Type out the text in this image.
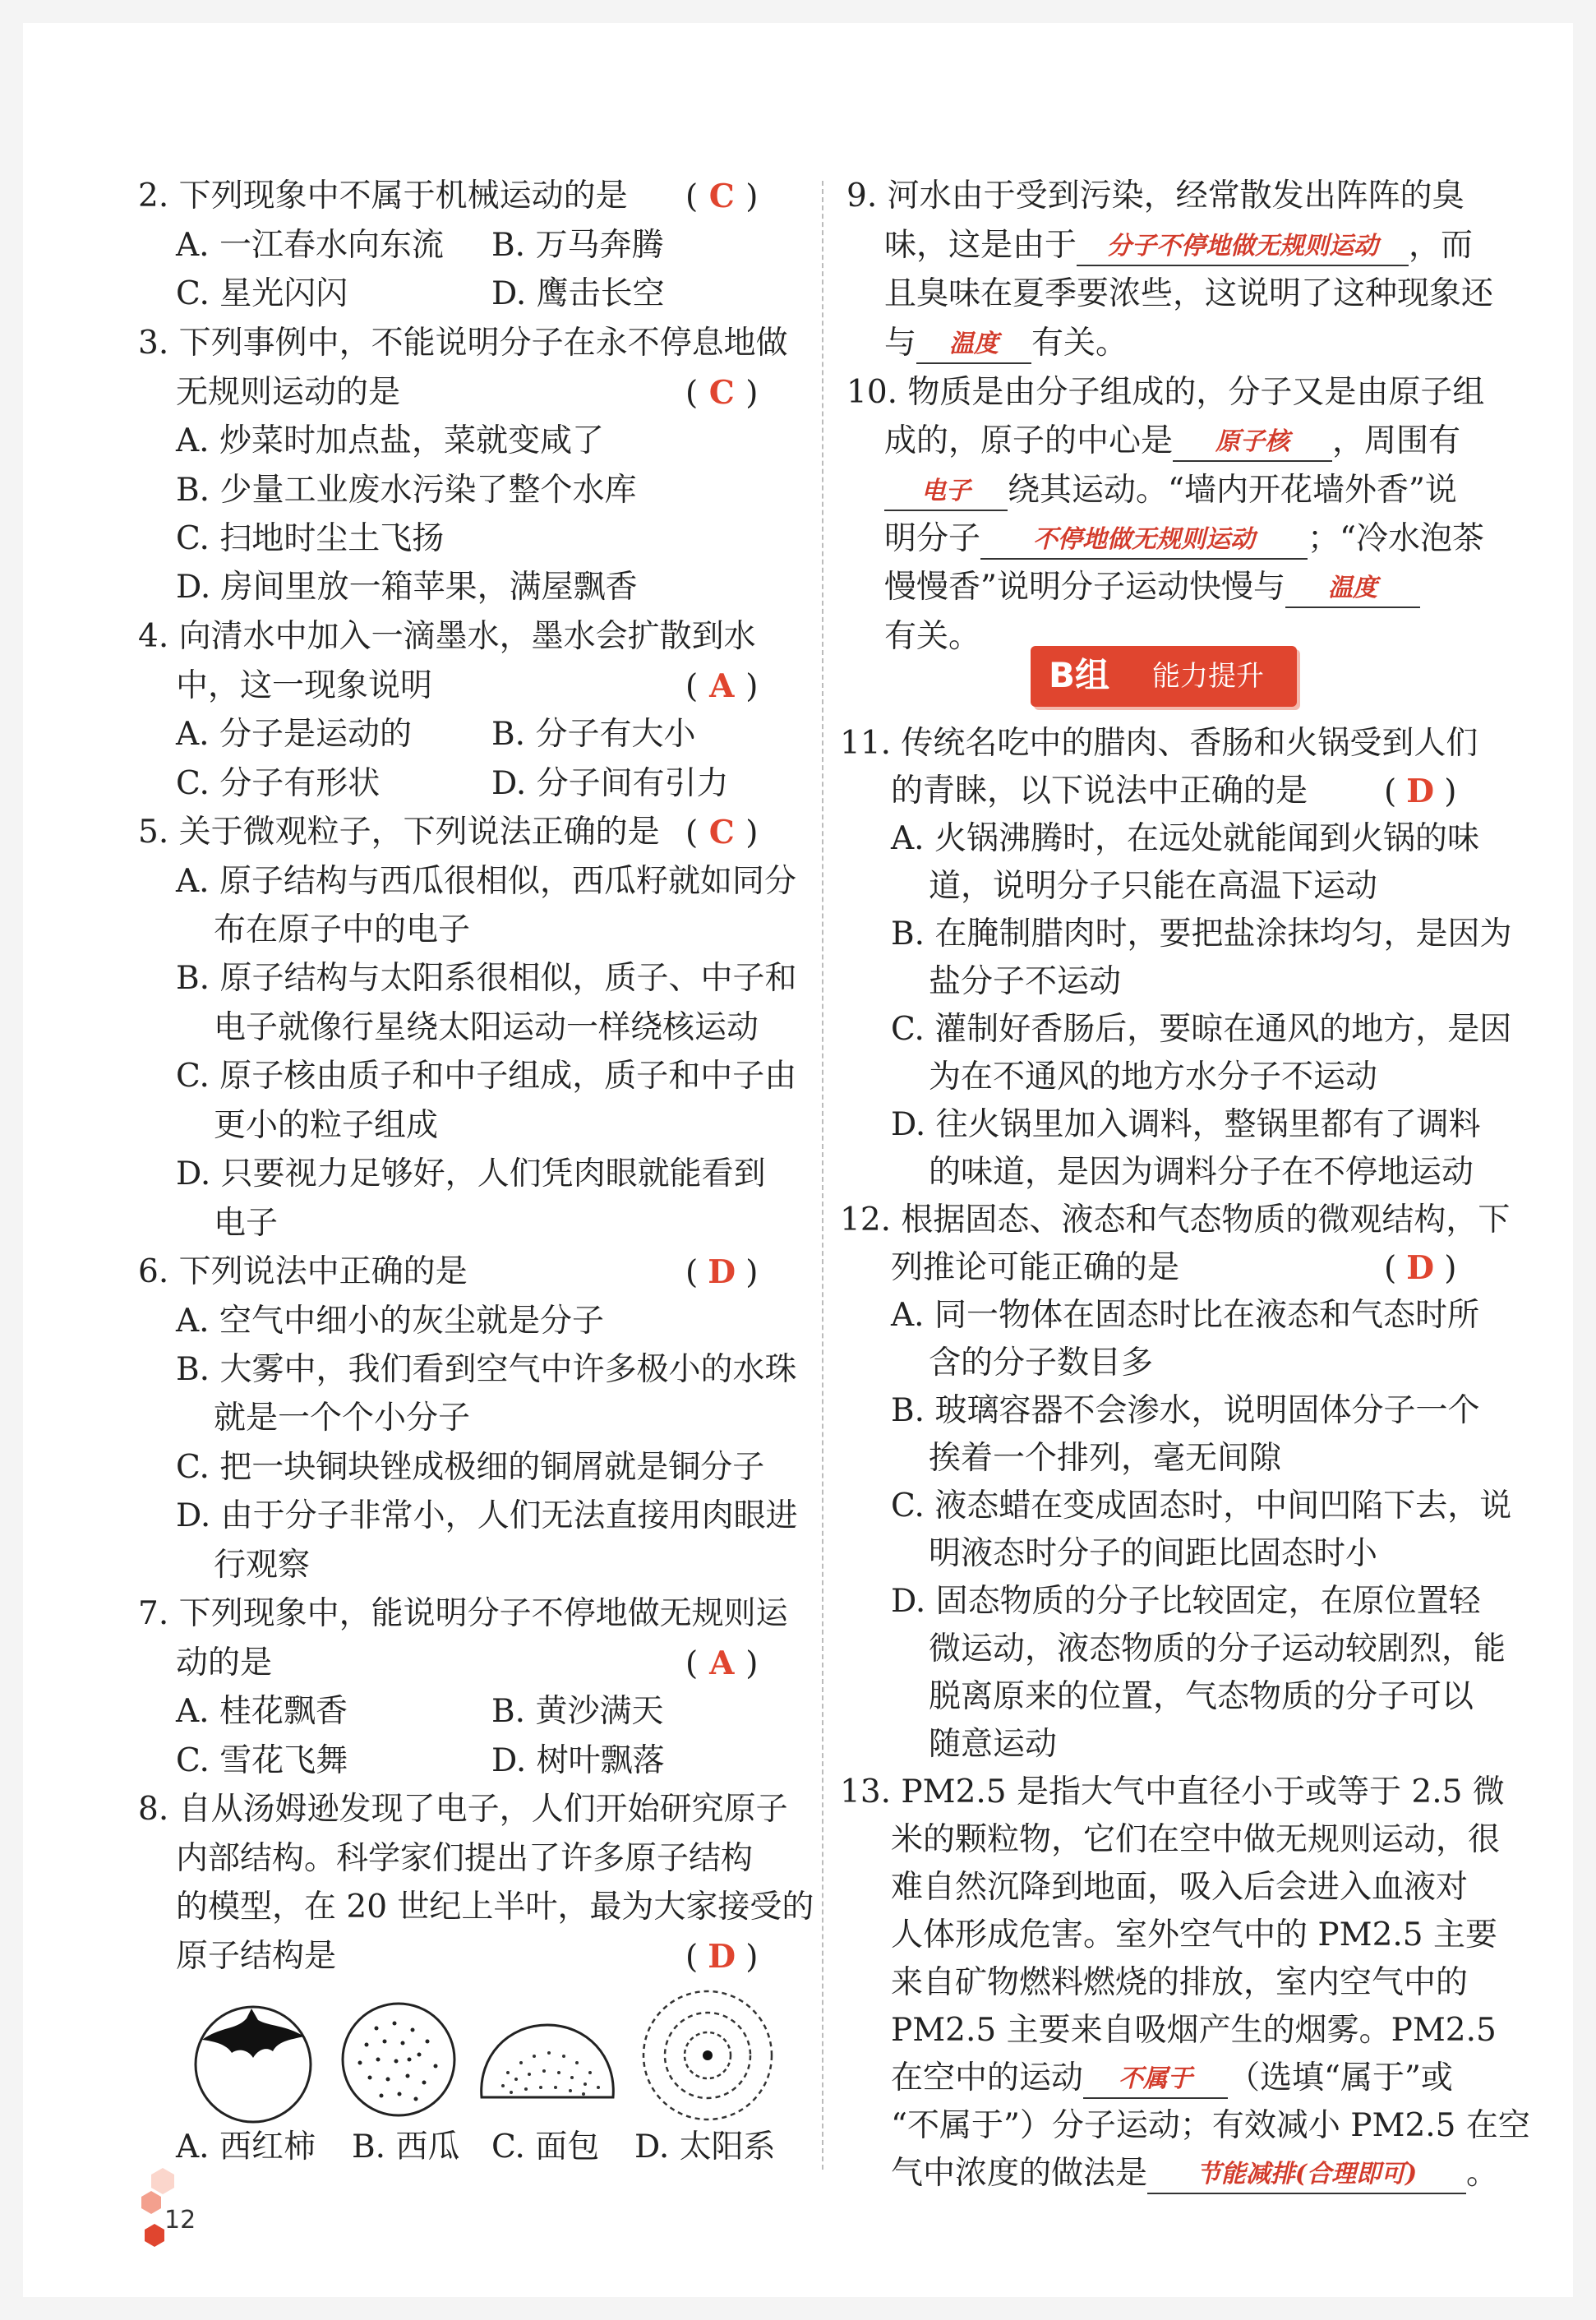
2. 下列现象中不属于机械运动的是 ( C )
A. 一江春水向东流 B. 万马奔腾
C. 星光闪闪	D. 鹰击长空
3. 下列事例中，不能说明分子在永不停息地做
无规则运动的是	( C )
A. 炒菜时加点盐，菜就变咸了
B. 少量工业废水污染了整个水库
C. 扫地时尘土飞扬
D. 房间里放一箱苹果，满屋飘香
4. 向清水中加入一滴墨水，墨水会扩散到水
中，这一现象说明	( A )
A. 分子是运动的 B. 分子有大小
C. 分子有形状	D. 分子间有引力
5. 关于微观粒子，下列说法正确的是 ( C )
A. 原子结构与西瓜很相似，西瓜籽就如同分
布在原子中的电子
B. 原子结构与太阳系很相似，质子、中子和
电子就像行星绕太阳运动一样绕核运动
C. 原子核由质子和中子组成，质子和中子由
更小的粒子组成
D. 只要视力足够好，人们凭肉眼就能看到
电子
6. 下列说法中正确的是	( D )
A. 空气中细小的灰尘就是分子
B. 大雾中，我们看到空气中许多极小的水珠
就是一个个小分子
C. 把一块铜块锉成极细的铜屑就是铜分子
D. 由于分子非常小，人们无法直接用肉眼进
行观察
7. 下列现象中，能说明分子不停地做无规则运
动的是	( A )
A. 桂花飘香	B. 黄沙满天
C. 雪花飞舞	D. 树叶飘落
8. 自从汤姆逊发现了电子，人们开始研究原子
内部结构。科学家们提出了许多原子结构
的模型，在 20 世纪上半叶，最为大家接受的
原子结构是	( D )
A. 西红柿 B. 西瓜 C. 面包 D. 太阳系
9. 河水由于受到污染，经常散发出阵阵的臭
味，这是由于 分子不停地做无规则运动 ，而
且臭味在夏季要浓些，这说明了这种现象还
与 温度 有关。
10. 物质是由分子组成的，分子又是由原子组
成的，原子的中心是 原子核 ，周围有
电子 绕其运动。“墙内开花墙外香”说
明分子 不停地做无规则运动 ；“冷水泡茶
慢慢香”说明分子运动快慢与 温度
有关。
B组 能力提升
11. 传统名吃中的腊肉、香肠和火锅受到人们
的青睐，以下说法中正确的是 ( D )
A. 火锅沸腾时，在远处就能闻到火锅的味
道，说明分子只能在高温下运动
B. 在腌制腊肉时，要把盐涂抹均匀，是因为
盐分子不运动
C. 灌制好香肠后，要晾在通风的地方，是因
为在不通风的地方水分子不运动
D. 往火锅里加入调料，整锅里都有了调料
的味道，是因为调料分子在不停地运动
12. 根据固态、液态和气态物质的微观结构，下
列推论可能正确的是	( D )
A. 同一物体在固态时比在液态和气态时所
含的分子数目多
B. 玻璃容器不会渗水，说明固体分子一个
挨着一个排列，毫无间隙
C. 液态蜡在变成固态时，中间凹陷下去，说
明液态时分子的间距比固态时小
D. 固态物质的分子比较固定，在原位置轻
微运动，液态物质的分子运动较剧烈，能
脱离原来的位置，气态物质的分子可以
随意运动
13. PM2.5 是指大气中直径小于或等于 2.5 微
米的颗粒物，它们在空中做无规则运动，很
难自然沉降到地面，吸入后会进入血液对
人体形成危害。室外空气中的 PM2.5 主要
来自矿物燃料燃烧的排放，室内空气中的
PM2.5 主要来自吸烟产生的烟雾。PM2.5
在空中的运动 不属于 （选填“属于”或
“不属于”）分子运动；有效减小 PM2.5 在空
气中浓度的做法是 节能减排(合理即可) 。
12
